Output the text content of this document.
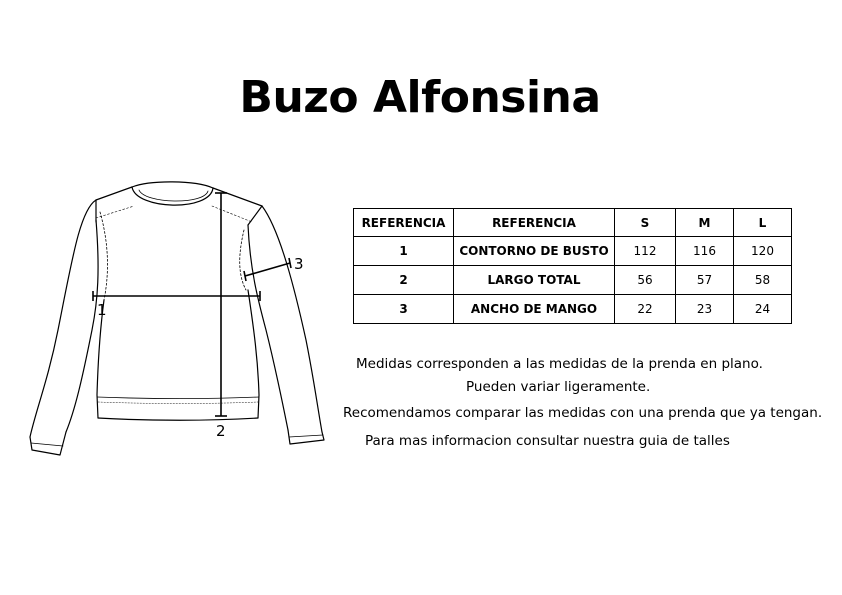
Buzo Alfonsina
1
2
3
REFERENCIA	REFERENCIA	S	M	L
1	CONTORNO DE BUSTO	112	116	120
2	LARGO TOTAL	56	57	58
3	ANCHO DE MANGO	22	23	24
Medidas corresponden a las medidas de la prenda en plano.
Pueden variar ligeramente.
Recomendamos comparar las medidas con una prenda que ya tengan.
Para mas informacion consultar nuestra guia de talles
